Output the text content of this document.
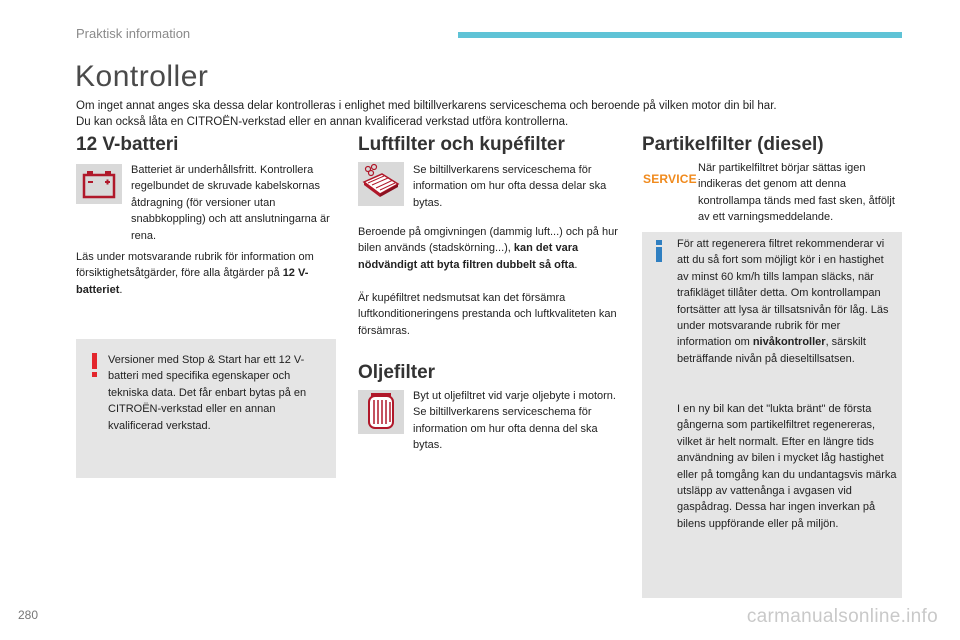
Praktisk information
Kontroller
Om inget annat anges ska dessa delar kontrolleras i enlighet med biltillverkarens serviceschema och beroende på vilken motor din bil har.
Du kan också låta en CITROËN-verkstad eller en annan kvalificerad verkstad utföra kontrollerna.
12 V-batteri
Batteriet är underhållsfritt. Kontrollera regelbundet de skruvade kabelskornas åtdragning (för versioner utan snabbkoppling) och att anslutningarna är rena.
Läs under motsvarande rubrik för information om försiktighetsåtgärder, före alla åtgärder på 12 V-batteriet.
Versioner med Stop & Start har ett 12 V-batteri med specifika egenskaper och tekniska data. Det får enbart bytas på en CITROËN-verkstad eller en annan kvalificerad verkstad.
Luftfilter och kupéfilter
Se biltillverkarens serviceschema för information om hur ofta dessa delar ska bytas.
Beroende på omgivningen (dammig luft...) och på hur bilen används (stadskörning...), kan det vara nödvändigt att byta filtren dubbelt så ofta.
Är kupéfiltret nedsmutsat kan det försämra luftkonditioneringens prestanda och luftkvaliteten kan försämras.
Oljefilter
Byt ut oljefiltret vid varje oljebyte i motorn. Se biltillverkarens serviceschema för information om hur ofta denna del ska bytas.
Partikelfilter (diesel)
SERVICE
När partikelfiltret börjar sättas igen indikeras det genom att denna kontrollampa tänds med fast sken, åtföljt av ett varningsmeddelande.
För att regenerera filtret rekommenderar vi att du så fort som möjligt kör i en hastighet av minst 60 km/h tills lampan släcks, när trafikläget tillåter detta. Om kontrollampan fortsätter att lysa är tillsatsnivån för låg. Läs under motsvarande rubrik för mer information om nivåkontroller, särskilt beträffande nivån på dieseltillsatsen.
I en ny bil kan det "lukta bränt" de första gångerna som partikelfiltret regenereras, vilket är helt normalt. Efter en längre tids användning av bilen i mycket låg hastighet eller på tomgång kan du undantagsvis märka utsläpp av vattenånga i avgasen vid gaspådrag. Dessa har ingen inverkan på bilens uppförande eller på miljön.
280	carmanualsonline.info
